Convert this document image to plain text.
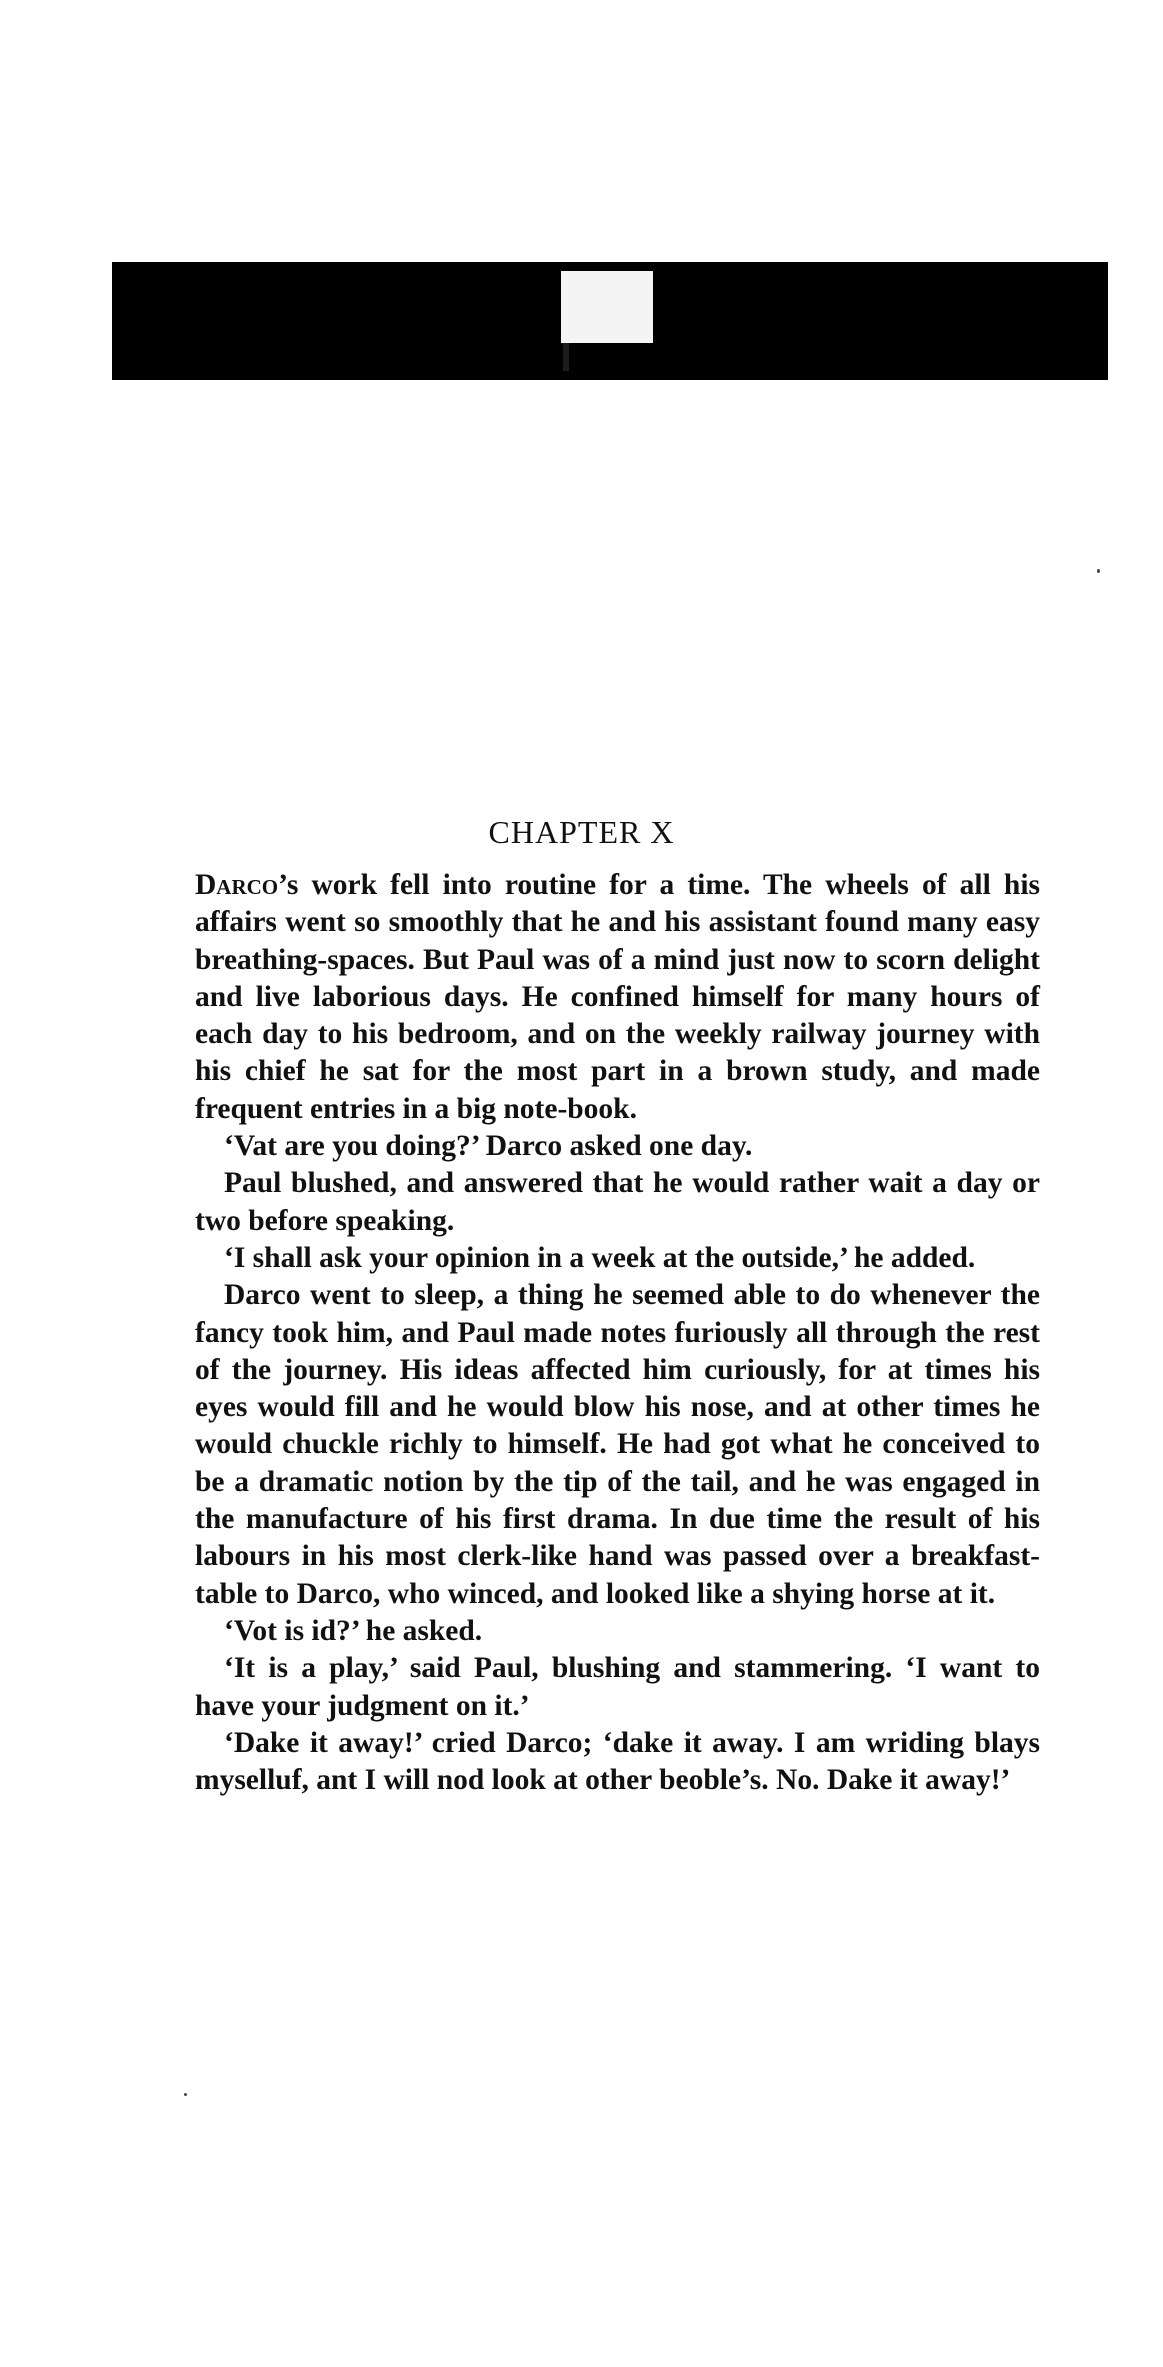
CHAPTER X

Darco’s work fell into routine for a time. The wheels of all his affairs went so smoothly that he and his assistant found many easy breathing-spaces. But Paul was of a mind just now to scorn delight and live laborious days. He confined himself for many hours of each day to his bedroom, and on the weekly railway journey with his chief he sat for the most part in a brown study, and made frequent entries in a big note-book.

‘Vat are you doing?’ Darco asked one day.

Paul blushed, and answered that he would rather wait a day or two before speaking.

‘I shall ask your opinion in a week at the outside,’ he added.

Darco went to sleep, a thing he seemed able to do whenever the fancy took him, and Paul made notes furiously all through the rest of the journey. His ideas affected him curiously, for at times his eyes would fill and he would blow his nose, and at other times he would chuckle richly to himself. He had got what he conceived to be a dramatic notion by the tip of the tail, and he was engaged in the manufacture of his first drama. In due time the result of his labours in his most clerk-like hand was passed over a breakfast-table to Darco, who winced, and looked like a shying horse at it.

‘Vot is id?’ he asked.

‘It is a play,’ said Paul, blushing and stammering. ‘I want to have your judgment on it.’

‘Dake it away!’ cried Darco; ‘dake it away. I am wriding blays myselluf, ant I will nod look at other beoble’s. No. Dake it away!’
